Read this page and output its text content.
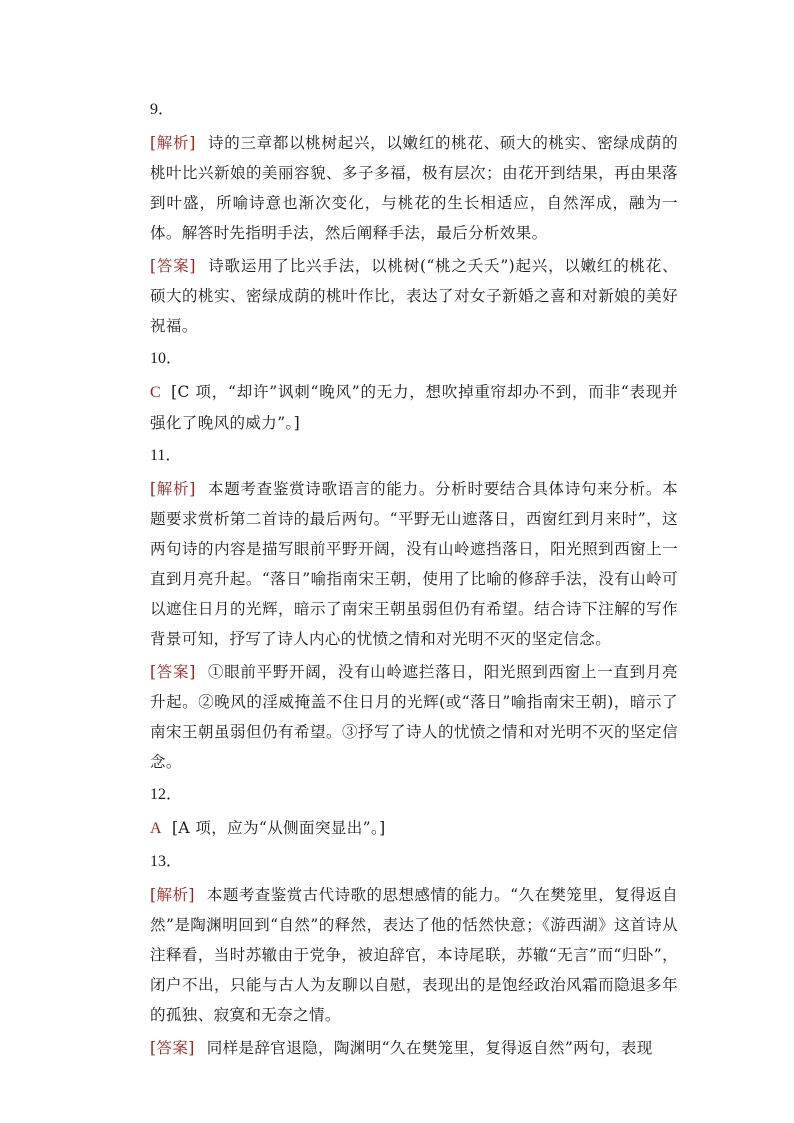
9．
[解析] 诗的三章都以桃树起兴，以嫩红的桃花、硕大的桃实、密绿成荫的桃叶比兴新娘的美丽容貌、多子多福，极有层次；由花开到结果，再由果落到叶盛，所喻诗意也渐次变化，与桃花的生长相适应，自然浑成，融为一体。解答时先指明手法，然后阐释手法，最后分析效果。
[答案] 诗歌运用了比兴手法，以桃树(“桃之夭夭”)起兴，以嫩红的桃花、硕大的桃实、密绿成荫的桃叶作比，表达了对女子新婚之喜和对新娘的美好祝福。
10．
C [C 项，“却许”讽刺“晚风”的无力，想吹掉重帘却办不到，而非“表现并强化了晚风的威力”。]
11．
[解析] 本题考查鉴赏诗歌语言的能力。分析时要结合具体诗句来分析。本题要求赏析第二首诗的最后两句。“平野无山遮落日，西窗红到月来时”，这两句诗的内容是描写眼前平野开阔，没有山岭遮挡落日，阳光照到西窗上一直到月亮升起。“落日”喻指南宋王朝，使用了比喻的修辞手法，没有山岭可以遮住日月的光辉，暗示了南宋王朝虽弱但仍有希望。结合诗下注解的写作背景可知，抒写了诗人内心的忧愤之情和对光明不灭的坚定信念。
[答案] ①眼前平野开阔，没有山岭遮拦落日，阳光照到西窗上一直到月亮升起。②晚风的淫威掩盖不住日月的光辉(或“落日”喻指南宋王朝)，暗示了南宋王朝虽弱但仍有希望。③抒写了诗人的忧愤之情和对光明不灭的坚定信念。
12．
A [A 项，应为“从侧面突显出”。]
13．
[解析] 本题考查鉴赏古代诗歌的思想感情的能力。“久在樊笼里，复得返自然”是陶渊明回到“自然”的释然，表达了他的恬然快意；《游西湖》这首诗从注释看，当时苏辙由于党争，被迫辞官，本诗尾联，苏辙“无言”而“归卧”，闭户不出，只能与古人为友聊以自慰，表现出的是饱经政治风霜而隐退多年的孤独、寂寞和无奈之情。
[答案] 同样是辞官退隐，陶渊明“久在樊笼里，复得返自然”两句，表现
